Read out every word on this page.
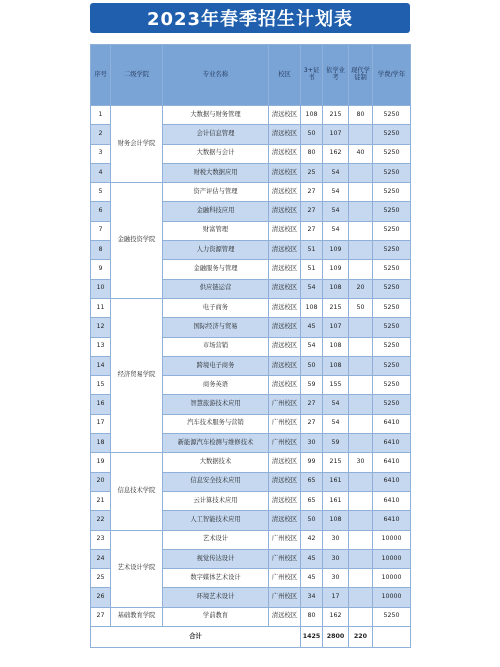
2023年春季招生计划表
序号	二级学院	专业名称	校区	3+证书	依学业考	现代学徒制	学费/学年
1	财务会计学院	大数据与财务管理	清远校区	108	215	80	5250
2		会计信息管理	清远校区	50	107		5250
3		大数据与会计	清远校区	80	162	40	5250
4		财税大数据应用	清远校区	25	54		5250
5	金融投资学院	资产评估与管理	清远校区	27	54		5250
6		金融科技应用	清远校区	27	54		5250
7		财富管理	清远校区	27	54		5250
8		人力资源管理	清远校区	51	109		5250
9		金融服务与管理	清远校区	51	109		5250
10		供应链运营	清远校区	54	108	20	5250
11	经济贸易学院	电子商务	清远校区	108	215	50	5250
12		国际经济与贸易	清远校区	45	107		5250
13		市场营销	清远校区	54	108		5250
14		跨境电子商务	清远校区	50	108		5250
15		商务英语	清远校区	59	155		5250
16		智慧旅游技术应用	广州校区	27	54		5250
17		汽车技术服务与营销	广州校区	27	54		6410
18		新能源汽车检测与维修技术	广州校区	30	59		6410
19	信息技术学院	大数据技术	清远校区	99	215	30	6410
20		信息安全技术应用	清远校区	65	161		6410
21		云计算技术应用	清远校区	65	161		6410
22		人工智能技术应用	清远校区	50	108		6410
23	艺术设计学院	艺术设计	广州校区	42	30		10000
24		视觉传达设计	广州校区	45	30		10000
25		数字媒体艺术设计	广州校区	45	30		10000
26		环境艺术设计	广州校区	34	17		10000
27	基础教育学院	学前教育	清远校区	80	162		5250
合计				1425	2800	220	
